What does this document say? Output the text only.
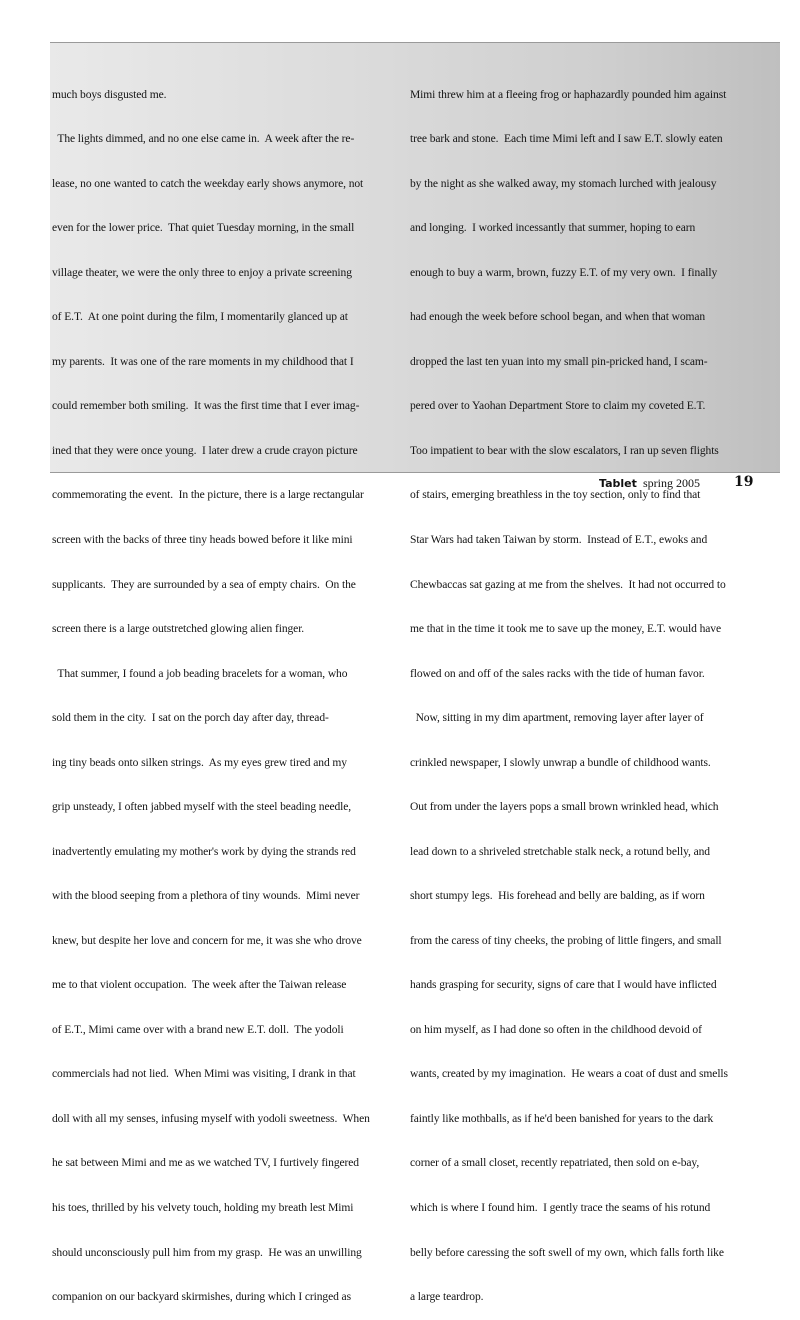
much boys disgusted me.

The lights dimmed, and no one else came in.  A week after the re-

lease, no one wanted to catch the weekday early shows anymore, not

even for the lower price.  That quiet Tuesday morning, in the small

village theater, we were the only three to enjoy a private screening

of E.T.  At one point during the film, I momentarily glanced up at

my parents.  It was one of the rare moments in my childhood that I

could remember both smiling.  It was the first time that I ever imag-

ined that they were once young.  I later drew a crude crayon picture

commemorating the event.  In the picture, there is a large rectangular

screen with the backs of three tiny heads bowed before it like mini

supplicants.  They are surrounded by a sea of empty chairs.  On the

screen there is a large outstretched glowing alien finger.

That summer, I found a job beading bracelets for a woman, who

sold them in the city.  I sat on the porch day after day, thread-

ing tiny beads onto silken strings.  As my eyes grew tired and my

grip unsteady, I often jabbed myself with the steel beading needle,

inadvertently emulating my mother's work by dying the strands red

with the blood seeping from a plethora of tiny wounds.  Mimi never

knew, but despite her love and concern for me, it was she who drove

me to that violent occupation.  The week after the Taiwan release

of E.T., Mimi came over with a brand new E.T. doll.  The yodoli

commercials had not lied.  When Mimi was visiting, I drank in that

doll with all my senses, infusing myself with yodoli sweetness.  When

he sat between Mimi and me as we watched TV, I furtively fingered

his toes, thrilled by his velvety touch, holding my breath lest Mimi

should unconsciously pull him from my grasp.  He was an unwilling

companion on our backyard skirmishes, during which I cringed as

Mimi threw him at a fleeing frog or haphazardly pounded him against

tree bark and stone.  Each time Mimi left and I saw E.T. slowly eaten

by the night as she walked away, my stomach lurched with jealousy

and longing.  I worked incessantly that summer, hoping to earn

enough to buy a warm, brown, fuzzy E.T. of my very own.  I finally

had enough the week before school began, and when that woman

dropped the last ten yuan into my small pin-pricked hand, I scam-

pered over to Yaohan Department Store to claim my coveted E.T.

Too impatient to bear with the slow escalators, I ran up seven flights

of stairs, emerging breathless in the toy section, only to find that

Star Wars had taken Taiwan by storm.  Instead of E.T., ewoks and

Chewbaccas sat gazing at me from the shelves.  It had not occurred to

me that in the time it took me to save up the money, E.T. would have

flowed on and off of the sales racks with the tide of human favor.

Now, sitting in my dim apartment, removing layer after layer of

crinkled newspaper, I slowly unwrap a bundle of childhood wants.

Out from under the layers pops a small brown wrinkled head, which

lead down to a shriveled stretchable stalk neck, a rotund belly, and

short stumpy legs.  His forehead and belly are balding, as if worn

from the caress of tiny cheeks, the probing of little fingers, and small

hands grasping for security, signs of care that I would have inflicted

on him myself, as I had done so often in the childhood devoid of

wants, created by my imagination.  He wears a coat of dust and smells

faintly like mothballs, as if he'd been banished for years to the dark

corner of a small closet, recently repatriated, then sold on e-bay,

which is where I found him.  I gently trace the seams of his rotund

belly before caressing the soft swell of my own, which falls forth like

a large teardrop.

Tablet spring 2005 19
